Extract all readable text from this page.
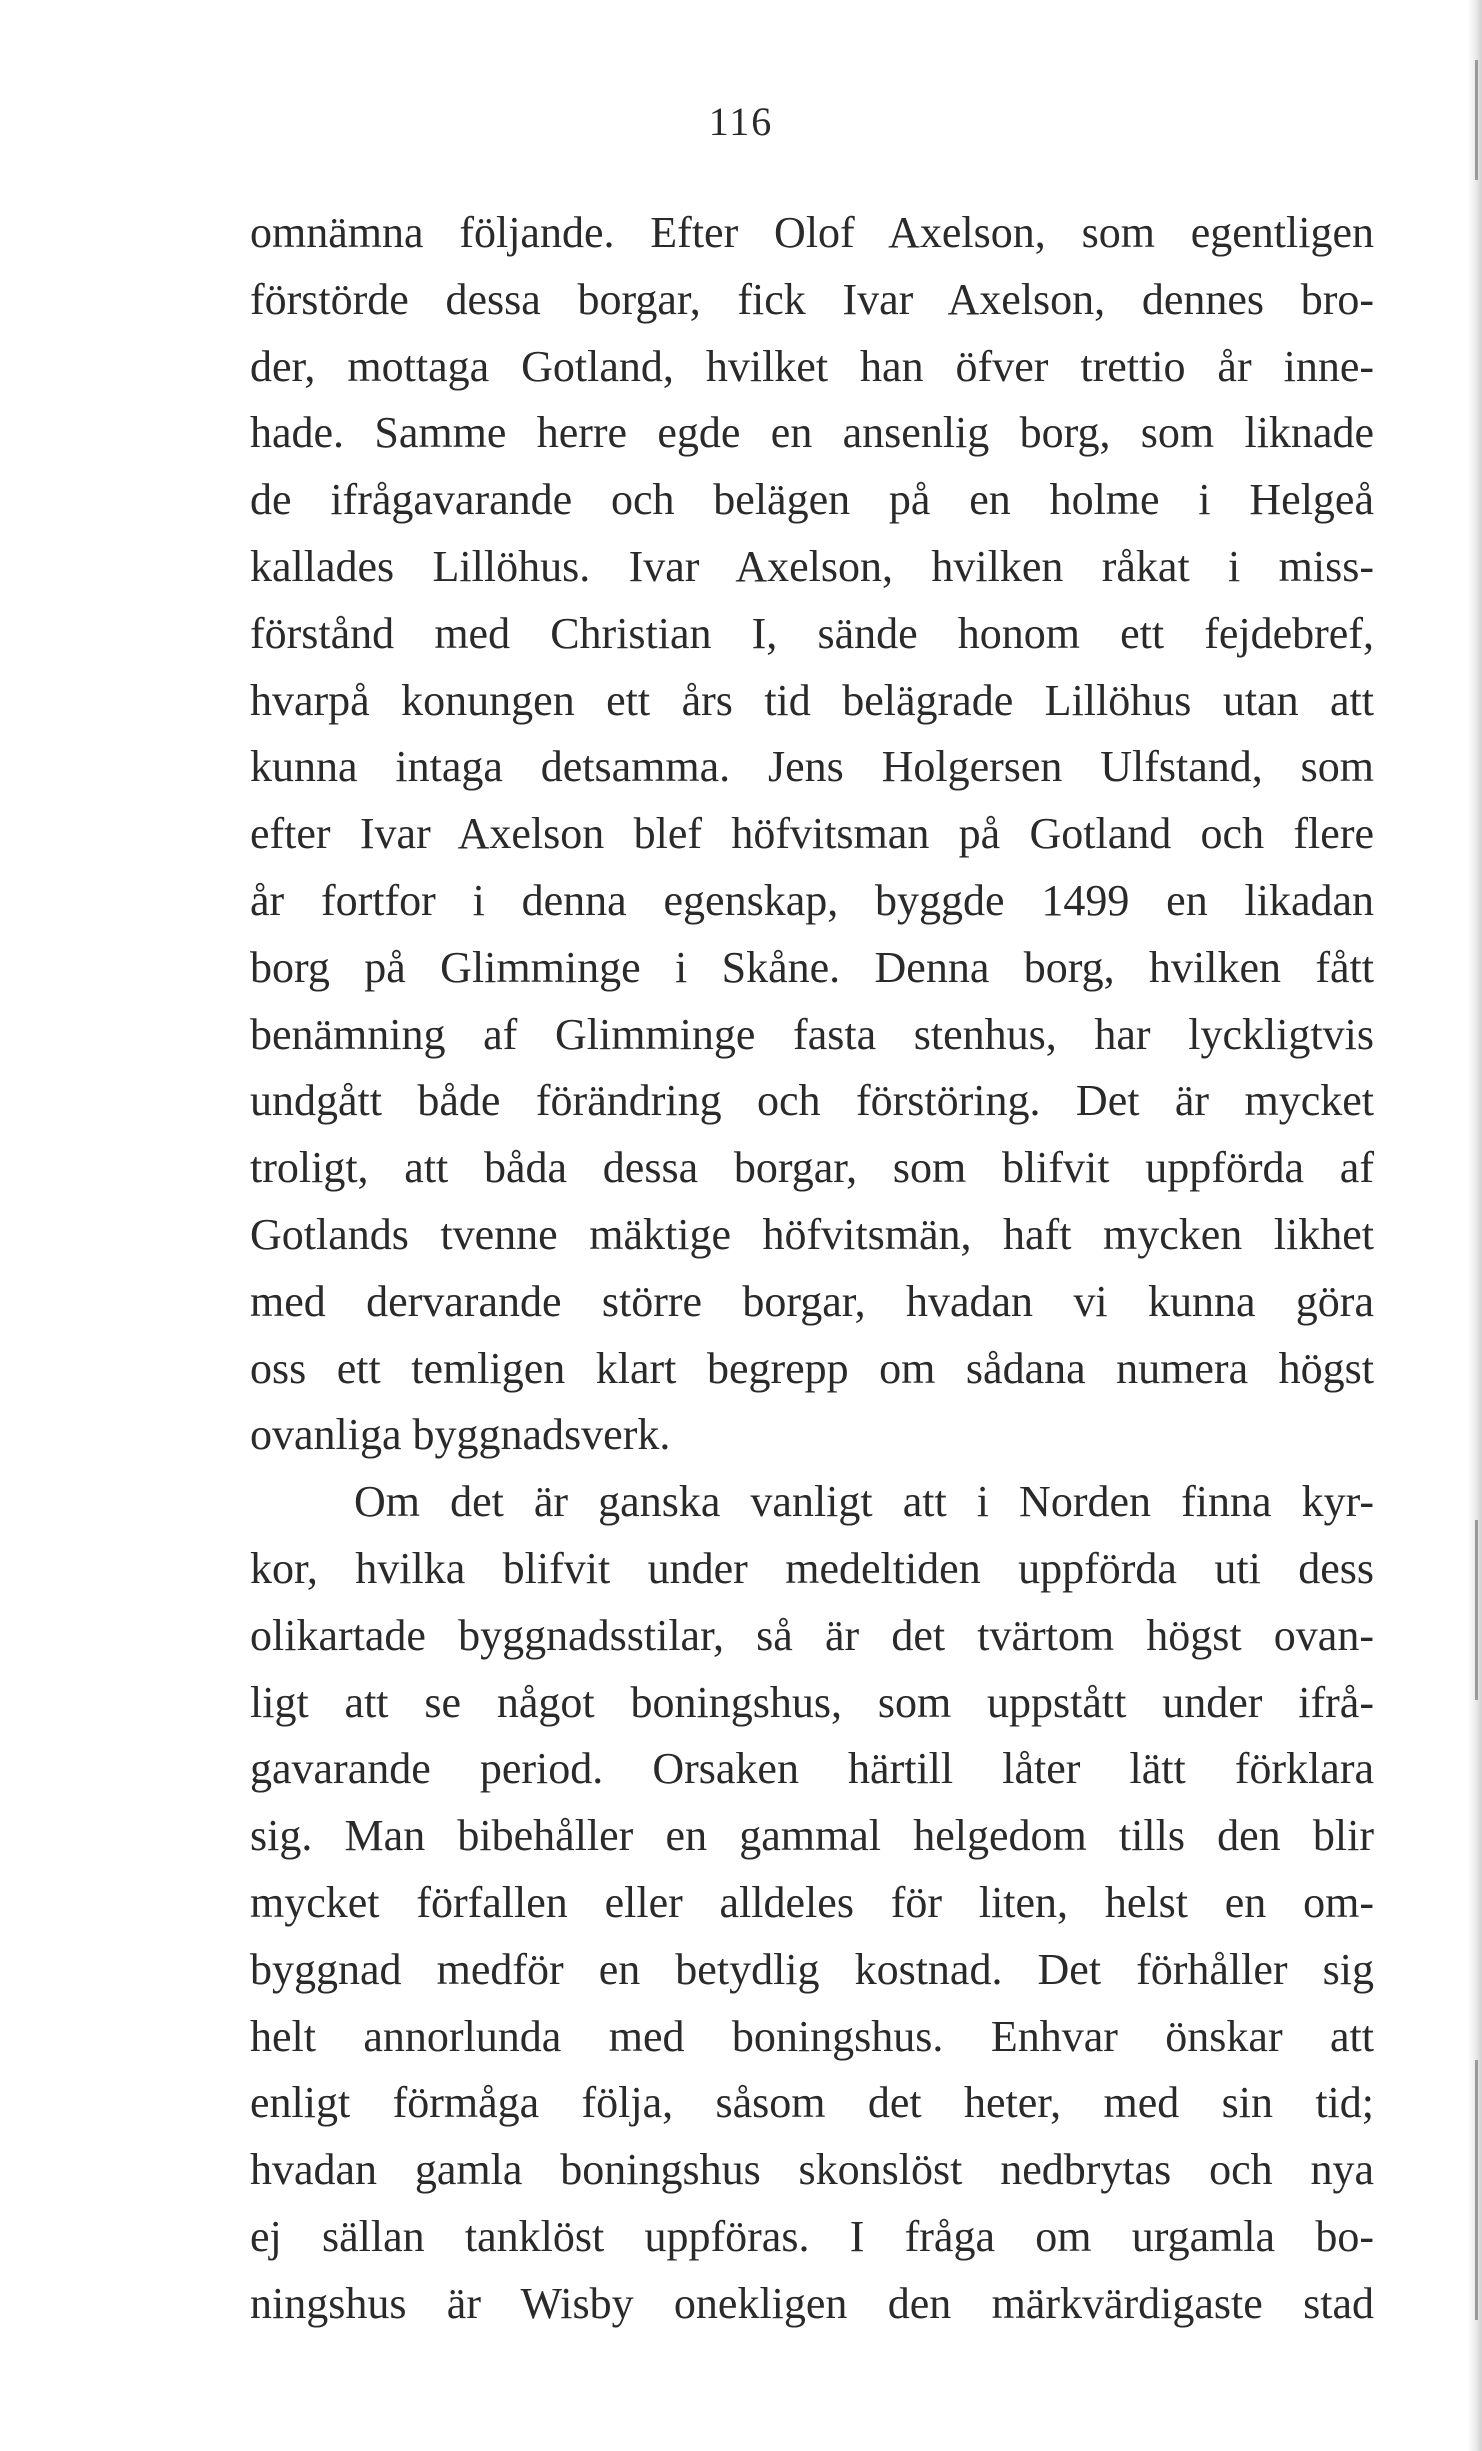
116
omnämna följande. Efter Olof Axelson, som egentligen
förstörde dessa borgar, fick Ivar Axelson, dennes bro-
der, mottaga Gotland, hvilket han öfver trettio år inne-
hade. Samme herre egde en ansenlig borg, som liknade
de ifrågavarande och belägen på en holme i Helgeå
kallades Lillöhus. Ivar Axelson, hvilken råkat i miss-
förstånd med Christian I, sände honom ett fejdebref,
hvarpå konungen ett års tid belägrade Lillöhus utan att
kunna intaga detsamma. Jens Holgersen Ulfstand, som
efter Ivar Axelson blef höfvitsman på Gotland och flere
år fortfor i denna egenskap, byggde 1499 en likadan
borg på Glimminge i Skåne. Denna borg, hvilken fått
benämning af Glimminge fasta stenhus, har lyckligtvis
undgått både förändring och förstöring. Det är mycket
troligt, att båda dessa borgar, som blifvit uppförda af
Gotlands tvenne mäktige höfvitsmän, haft mycken likhet
med dervarande större borgar, hvadan vi kunna göra
oss ett temligen klart begrepp om sådana numera högst
ovanliga byggnadsverk.
Om det är ganska vanligt att i Norden finna kyr-
kor, hvilka blifvit under medeltiden uppförda uti dess
olikartade byggnadsstilar, så är det tvärtom högst ovan-
ligt att se något boningshus, som uppstått under ifrå-
gavarande period. Orsaken härtill låter lätt förklara
sig. Man bibehåller en gammal helgedom tills den blir
mycket förfallen eller alldeles för liten, helst en om-
byggnad medför en betydlig kostnad. Det förhåller sig
helt annorlunda med boningshus. Enhvar önskar att
enligt förmåga följa, såsom det heter, med sin tid;
hvadan gamla boningshus skonslöst nedbrytas och nya
ej sällan tanklöst uppföras. I fråga om urgamla bo-
ningshus är Wisby onekligen den märkvärdigaste stad
